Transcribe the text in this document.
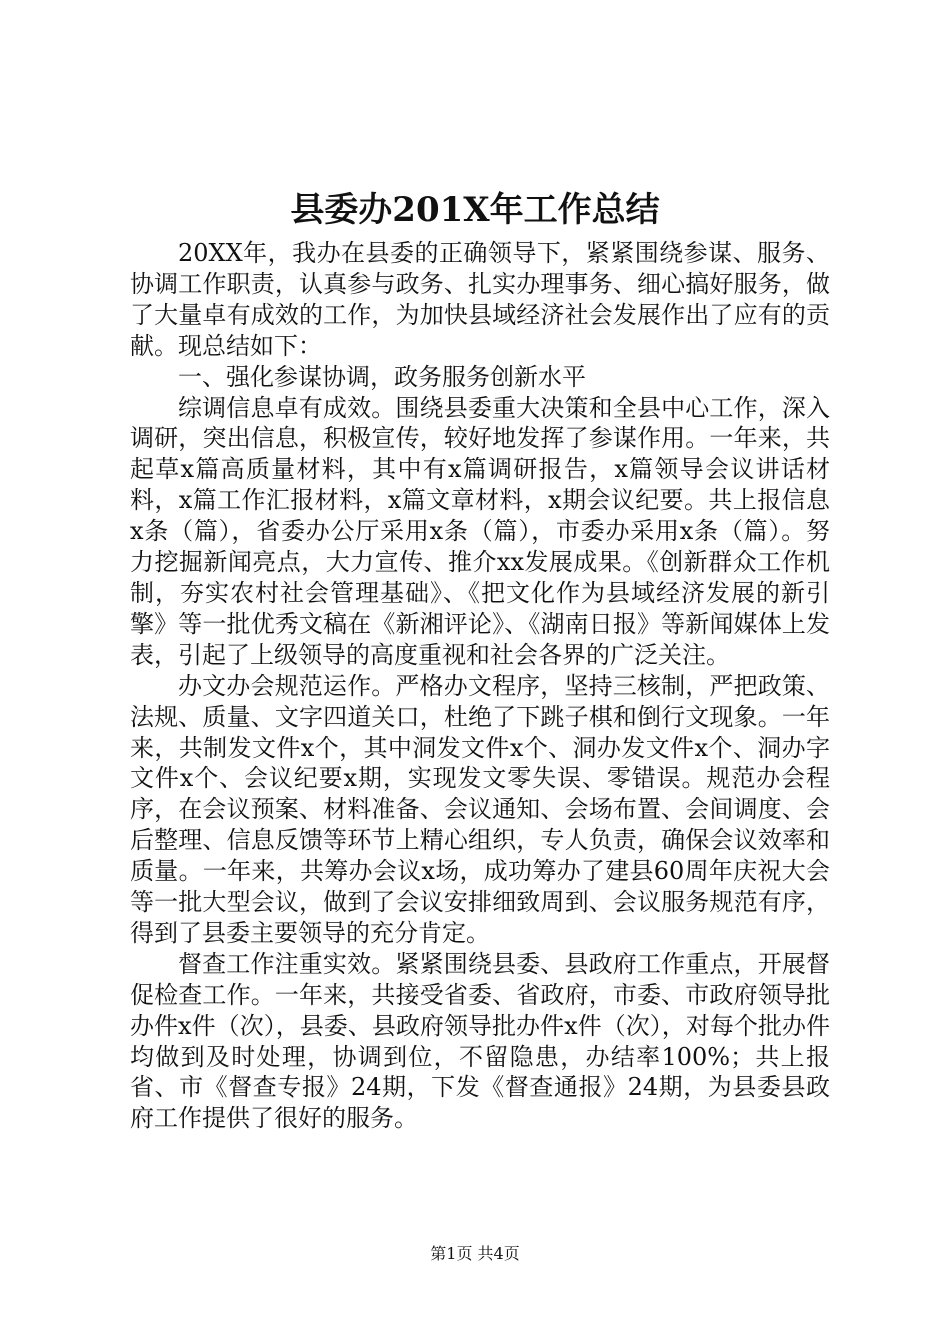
县委办201X年工作总结

20XX年，我办在县委的正确领导下，紧紧围绕参谋、服务、协调工作职责，认真参与政务、扎实办理事务、细心搞好服务，做了大量卓有成效的工作，为加快县域经济社会发展作出了应有的贡献。现总结如下：

一、强化参谋协调，政务服务创新水平

综调信息卓有成效。围绕县委重大决策和全县中心工作，深入调研，突出信息，积极宣传，较好地发挥了参谋作用。一年来，共起草x篇高质量材料，其中有x篇调研报告，x篇领导会议讲话材料，x篇工作汇报材料，x篇文章材料，x期会议纪要。共上报信息x条（篇），省委办公厅采用x条（篇），市委办采用x条（篇）。努力挖掘新闻亮点，大力宣传、推介xx发展成果。《创新群众工作机制，夯实农村社会管理基础》、《把文化作为县域经济发展的新引擎》等一批优秀文稿在《新湘评论》、《湖南日报》等新闻媒体上发表，引起了上级领导的高度重视和社会各界的广泛关注。

办文办会规范运作。严格办文程序，坚持三核制，严把政策、法规、质量、文字四道关口，杜绝了下跳子棋和倒行文现象。一年来，共制发文件x个，其中洞发文件x个、洞办发文件x个、洞办字文件x个、会议纪要x期，实现发文零失误、零错误。规范办会程序，在会议预案、材料准备、会议通知、会场布置、会间调度、会后整理、信息反馈等环节上精心组织，专人负责，确保会议效率和质量。一年来，共筹办会议x场，成功筹办了建县60周年庆祝大会等一批大型会议，做到了会议安排细致周到、会议服务规范有序，得到了县委主要领导的充分肯定。

督查工作注重实效。紧紧围绕县委、县政府工作重点，开展督促检查工作。一年来，共接受省委、省政府，市委、市政府领导批办件x件（次），县委、县政府领导批办件x件（次），对每个批办件均做到及时处理，协调到位，不留隐患，办结率100%；共上报省、市《督查专报》24期，下发《督查通报》24期，为县委县政府工作提供了很好的服务。

第1页 共4页
